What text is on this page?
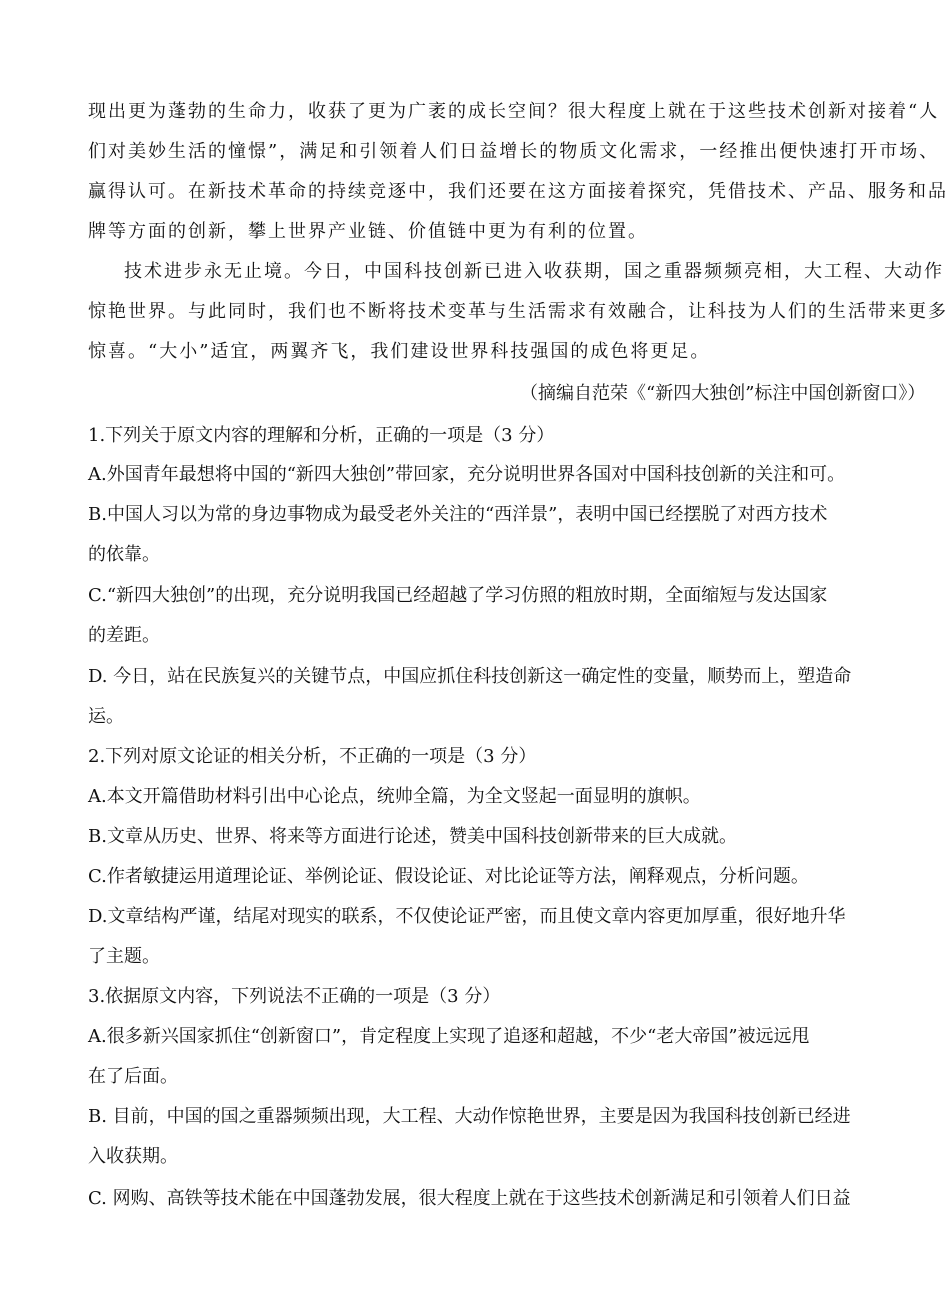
现出更为蓬勃的生命力，收获了更为广袤的成长空间？很大程度上就在于这些技术创新对接着“人
们对美妙生活的憧憬”，满足和引领着人们日益增长的物质文化需求，一经推出便快速打开市场、
赢得认可。在新技术革命的持续竞逐中，我们还要在这方面接着探究，凭借技术、产品、服务和品
牌等方面的创新，攀上世界产业链、价值链中更为有利的位置。
技术进步永无止境。今日，中国科技创新已进入收获期，国之重器频频亮相，大工程、大动作
惊艳世界。与此同时，我们也不断将技术变革与生活需求有效融合，让科技为人们的生活带来更多
惊喜。“大小”适宜，两翼齐飞，我们建设世界科技强国的成色将更足。
（摘编自范荣《“新四大独创”标注中国创新窗口》）
1.下列关于原文内容的理解和分析，正确的一项是（3 分）
A.外国青年最想将中国的“新四大独创”带回家，充分说明世界各国对中国科技创新的关注和可。
B.中国人习以为常的身边事物成为最受老外关注的“西洋景”，表明中国已经摆脱了对西方技术
的依靠。
C.“新四大独创”的出现，充分说明我国已经超越了学习仿照的粗放时期，全面缩短与发达国家
的差距。
D. 今日，站在民族复兴的关键节点，中国应抓住科技创新这一确定性的变量，顺势而上，塑造命
运。
2.下列对原文论证的相关分析，不正确的一项是（3 分）
A.本文开篇借助材料引出中心论点，统帅全篇，为全文竖起一面显明的旗帜。
B.文章从历史、世界、将来等方面进行论述，赞美中国科技创新带来的巨大成就。
C.作者敏捷运用道理论证、举例论证、假设论证、对比论证等方法，阐释观点，分析问题。
D.文章结构严谨，结尾对现实的联系，不仅使论证严密，而且使文章内容更加厚重，很好地升华
了主题。
3.依据原文内容，下列说法不正确的一项是（3 分）
A.很多新兴国家抓住“创新窗口”，肯定程度上实现了追逐和超越，不少“老大帝国”被远远甩
在了后面。
B. 目前，中国的国之重器频频出现，大工程、大动作惊艳世界，主要是因为我国科技创新已经进
入收获期。
C. 网购、高铁等技术能在中国蓬勃发展，很大程度上就在于这些技术创新满足和引领着人们日益
